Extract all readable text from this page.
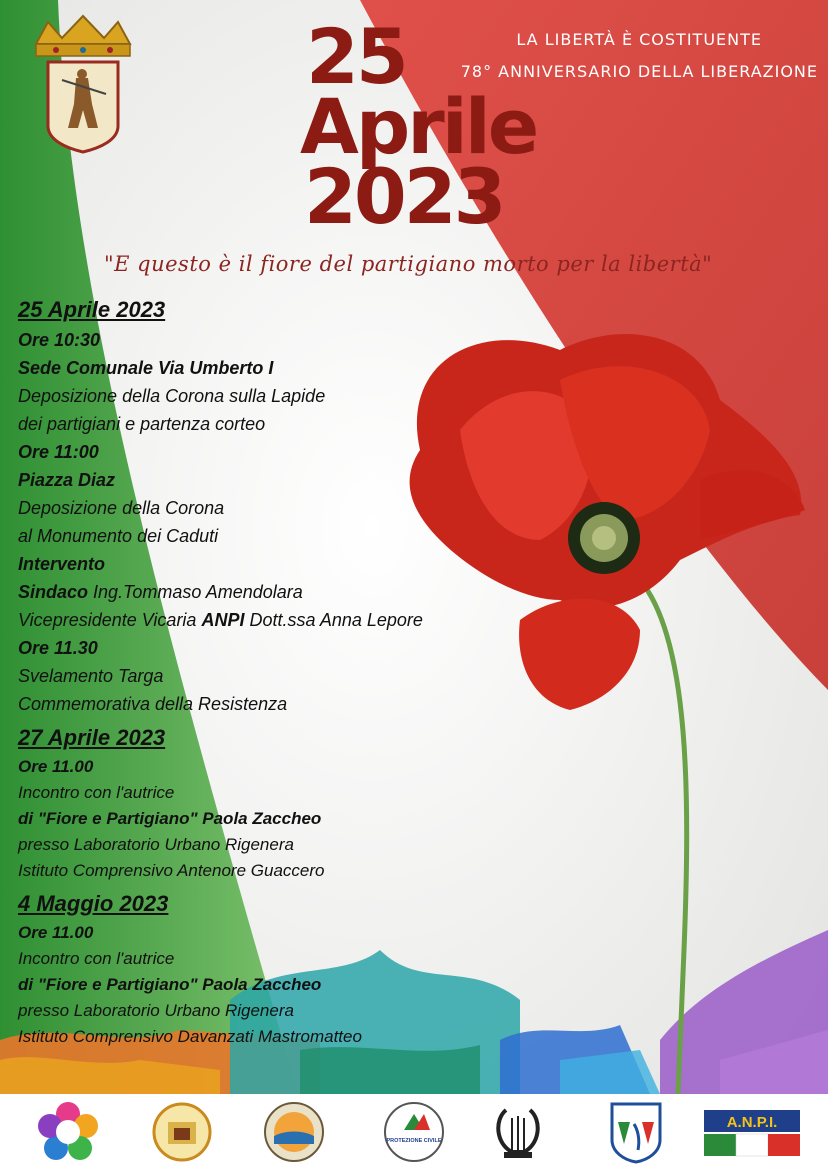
LA LIBERTÀ È COSTITUENTE
78° ANNIVERSARIO DELLA LIBERAZIONE
25
Aprile
2023
"E questo è il fiore del partigiano morto per la libertà"
25 Aprile 2023
Ore 10:30
Sede Comunale Via Umberto I
Deposizione della Corona sulla Lapide
dei partigiani e partenza corteo
Ore 11:00
Piazza Diaz
Deposizione della Corona
al Monumento dei Caduti
Intervento
Sindaco Ing.Tommaso Amendolara
Vicepresidente Vicaria ANPI Dott.ssa Anna Lepore
Ore 11.30
Svelamento Targa
Commemorativa della Resistenza
27 Aprile 2023
Ore 11.00
Incontro con l'autrice
di "Fiore e Partigiano" Paola Zaccheo
presso Laboratorio Urbano Rigenera
Istituto Comprensivo Antenore Guaccero
4 Maggio 2023
Ore 11.00
Incontro con l'autrice
di "Fiore e Partigiano" Paola Zaccheo
presso Laboratorio Urbano Rigenera
Istituto Comprensivo Davanzati Mastromatteo
PROTEZIONE CIVILE
A.N.P.I.
